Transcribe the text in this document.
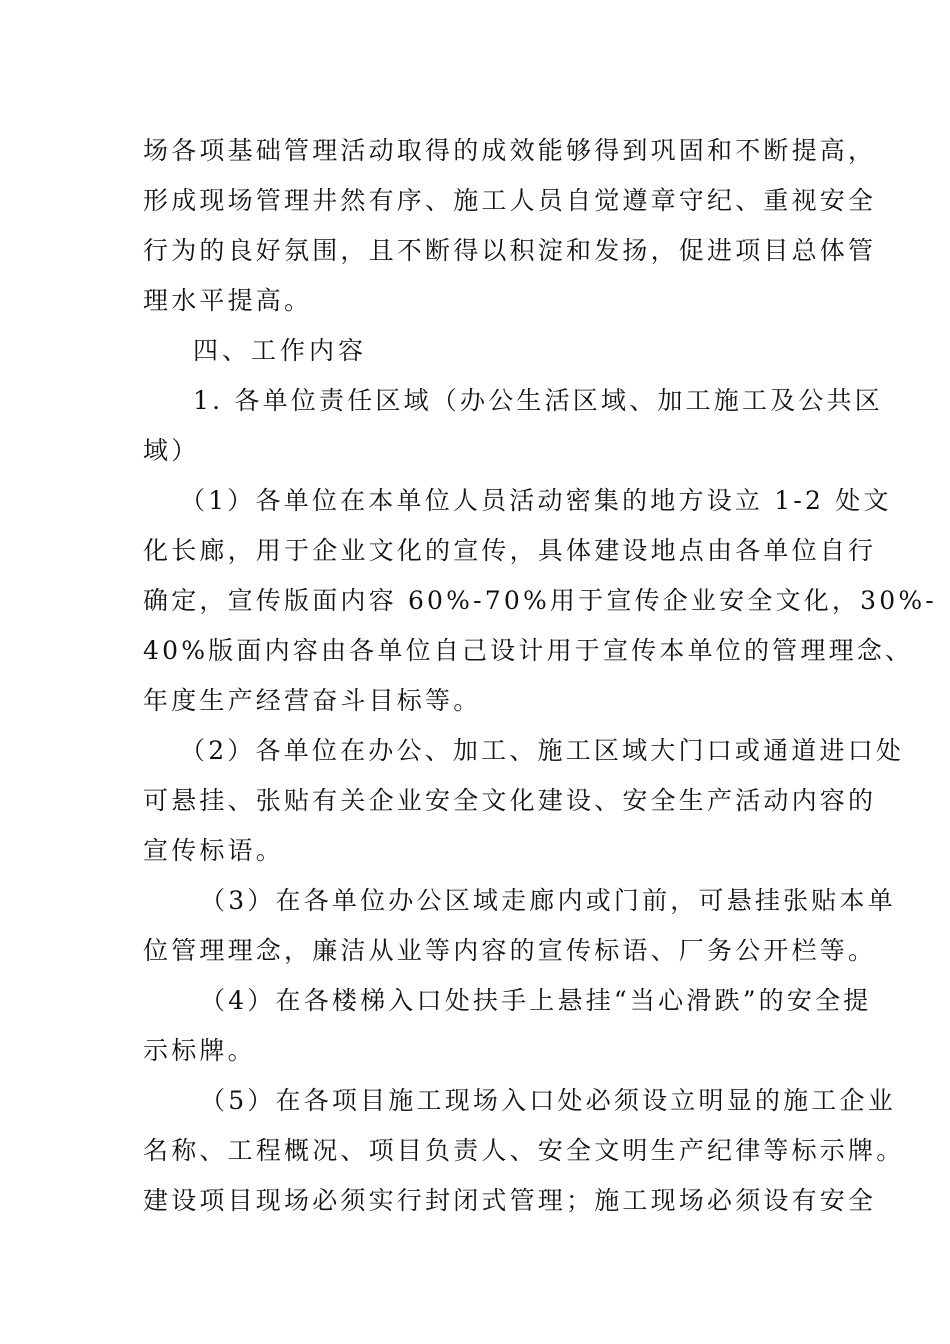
场各项基础管理活动取得的成效能够得到巩固和不断提高，
形成现场管理井然有序、施工人员自觉遵章守纪、重视安全
行为的良好氛围，且不断得以积淀和发扬，促进项目总体管
理水平提高。
四、工作内容
1. 各单位责任区域（办公生活区域、加工施工及公共区
域）
（1）各单位在本单位人员活动密集的地方设立 1-2 处文
化长廊，用于企业文化的宣传，具体建设地点由各单位自行
确定，宣传版面内容 60%-70%用于宣传企业安全文化，30%-
40%版面内容由各单位自己设计用于宣传本单位的管理理念、
年度生产经营奋斗目标等。
（2）各单位在办公、加工、施工区域大门口或通道进口处
可悬挂、张贴有关企业安全文化建设、安全生产活动内容的
宣传标语。
（3）在各单位办公区域走廊内或门前，可悬挂张贴本单
位管理理念，廉洁从业等内容的宣传标语、厂务公开栏等。
（4）在各楼梯入口处扶手上悬挂“当心滑跌”的安全提
示标牌。
（5）在各项目施工现场入口处必须设立明显的施工企业
名称、工程概况、项目负责人、安全文明生产纪律等标示牌。
建设项目现场必须实行封闭式管理；施工现场必须设有安全
